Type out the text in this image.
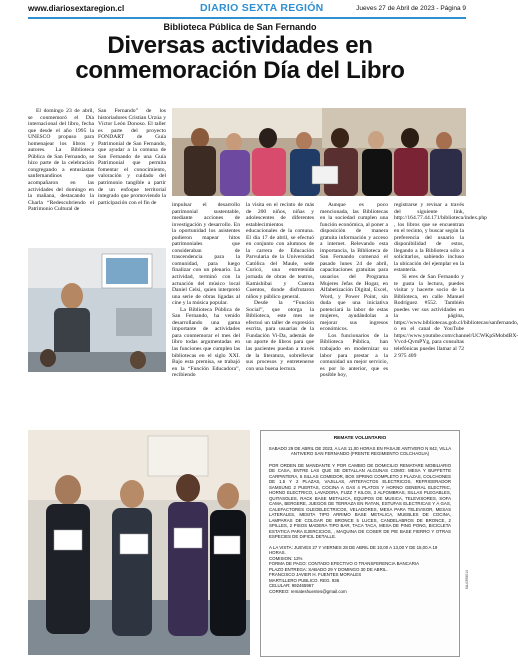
www.diariosextaregion.cl	DIARIO SEXTA REGIÓN	Jueves 27 de Abril de 2023 - Página 9
Biblioteca Pública de San Fernando
Diversas actividades en
conmemoración Día del Libro

El domingo 23 de abril, se conmemoró el Día internacional del libro, fecha que desde el año 1995 la UNESCO propuso para homenajear los libros y autores. La Biblioteca Pública de San Fernando, se hizo parte de la celebración congregando a entusiastas sanfernandinos que acompañaron en las actividades del domingo en la mañana, destacando la Charla “Redescubriendo el Patrimonio Cultural de

San Fernando” de los historiadores Cristian Urzúa y Víctor León Donoso. El taller es parte del proyecto FONDART de Guía Patrimonial de San Fernando, que ayudar a la comuna de San Fernando de una Guía Patrimonial que permita fomentar el conocimiento, valoración y cuidado del patrimonio tangible a partir de un enfoque territorial integrado que promoviendo la participación con el fin de	impulsar el desarrollo patrimonial sustentable, mediante acciones de investigación y desarrollo. En la oportunidad los asistentes pudieron mapear hitos patrimoniales que consideraban de trascendencia para la comunidad, para luego finalizar con un plenario. La actividad, terminó con la actuación del músico local Daniel Celsi, quien interpretó una serie de obras ligadas al cine y la música popular.

La Biblioteca Pública de San Fernando, ha venido desarrollando una gama importante de actividades para conmemorar el mes del libro todas argumentadas en las funciones que cumplen las bibliotecas en el siglo XXI. Bajo esta premisa, se trabajó en la “Función Educadora”, recibiendo

la visita en el recinto de más de 200 niños, niñas y adolescentes de diferentes establecimientos educacionales de la comuna. El día 17 de abril, se efectuó en conjunto con alumnos de la carrera de Educación Parvularia de la Universidad Católica del Maule, sede Curicó, una entretenida jornada de obras de teatros, Kamishibai y Cuenta Cuentos, donde disfrutaron niños y público general.

Desde la “Función Social”, que otorga la Biblioteca, este mes se efectuó un taller de expresión escrita, para usuarias de la Fundación Vi-Da, además de un aporte de libros para que las pacientes puedan a través de la literatura, sobrellevar sus procesos y entretenerse con una buena lectura.

Aunque es poco mencionada, las Bibliotecas en la sociedad cumplen una función económica, al poner a disposición de manera gratuita información y acceso a internet. Relevando esta importancia, la Biblioteca de San Fernando comenzó el pasado lunes 24 de abril, capacitaciones gratuitas para usuarios del Programa Mujeres Jefas de Hogar, en Alfabetización Digital, Excel, Word, y Power Point, sin duda que una iniciativa potenciará la labor de estas mujeres, ayudándolas a mejorar sus ingresos económicos.

Los funcionarios de la Biblioteca Pública, han trabajado en modernizar su labor para prestar a la comunidad un mejor servicio, es por lo anterior, que es posible hoy,

registrarse y revisar a través del siguiente link, http://164.77.44.171/biblioteca/index.php , los libros que se encuentran en el recinto, y buscar según la preferencia del usuario la disponibilidad de estos, llegando a la Biblioteca sólo a solicitarlos, sabiendo incluso la ubicación del ejemplar en la estantería.

Si eres de San Fernando y te gusta la lectura, puedes visitar y hacerte socio de la Biblioteca, en calle Manuel Rodríguez #552. También puedes ver sus actividades en la página, https://www.bibliotecas.gob.cl/bibliotecas/sanfernando, o en el canal de YouTube https://www.youtube.com/channel/UCWKpSMobdBX-Vvcd-QvmPYg, para consultas telefónicas puedes llamar al 72 2 975 409

REMATE VOLUNTARIO
SABADO 29 DE ABRIL DE 2023, A LAS 11,00 HORAS EN PASAJE ANTIVERO N 842, VILLA ANTIVERO SAN FERNANDO (FRENTE REGIMIENTO COLCHAGUA)
POR ORDEN DE MANDANTE Y POR CAMBIO DE DOMICILIO REMATARE MOBILIARIO DE CASA, ENTRE LAS QUE SE DETALLAN ALGUNAS COMO: MESA Y BUFFETTE CARPINTERA, 5 SILLAS COMEDOR, BOX SPRING COMPLETO 2 PLAZAS, COLCHONES DE 1.5 Y 2 PLAZAS, VAJILLAS, ARTEFACTOS ELECTRICOS, REFRIGERADOR SAMSUNG 2 PUERTAS, COCINA A GAS 4 PLATOS Y HORNO GENERAL ELECTRIC, HORNO ELECTRICO, LAVADORA, FUZZ 7 KILOS, 3 ALFOMBRAS, SILLAS PLEGABLES, QUITASOLES, RACK BASE METALICA, EQUIPOS DE MUSICA, TELEVISORES, SOFA CAMA, BERGERE, JUEGOS DE TERRAZA EN RATAN, ESTUFAS ELECTRICAS Y A GAS, CALEFACTORES OLEOELECTRICOS, VELADORES, MESA PARA TELEVISOR, MESAS LATERALES, MESITA TIPO ARRIMO BASE METALICA, MUEBLES DE COCINA, LAMPARAS DE COLGAR DE BRONCE 5 LUCES, CANDELABROS DE BRONCE, 2 SPILLES, 2 PISOS MADERA TIPO BAR, TACA TACA, MESA DE PING PONG, BICICLETA ESTATICA PARA EJERCICIOS, , MAQUINA DE COSER DE PIE BASE FIERRO Y OTRAS ESPECIES DE DIFICIL DETALLE.
A LA VISTA: JUEVES 27 Y VIERNES 28 DE ABRIL DE 10,00 A 13,00 Y DE 15,00 A 19 HORAS.
COMISION: 12%
FORMA DE PAGO: CONTADO EFECTIVO O TRANSFERENCIA BANCARIA
PLAZO ENTREGA: SABADO 29 Y DOMINGO 30 DE ABRIL.
FRANCISCO JAVIER H. FUENTES MORALES
MARTILLERO PUBLICO. REG. 936
CELULAR: 992465967
CORREO: remateshuentes@gmail.com
6A-0398014
